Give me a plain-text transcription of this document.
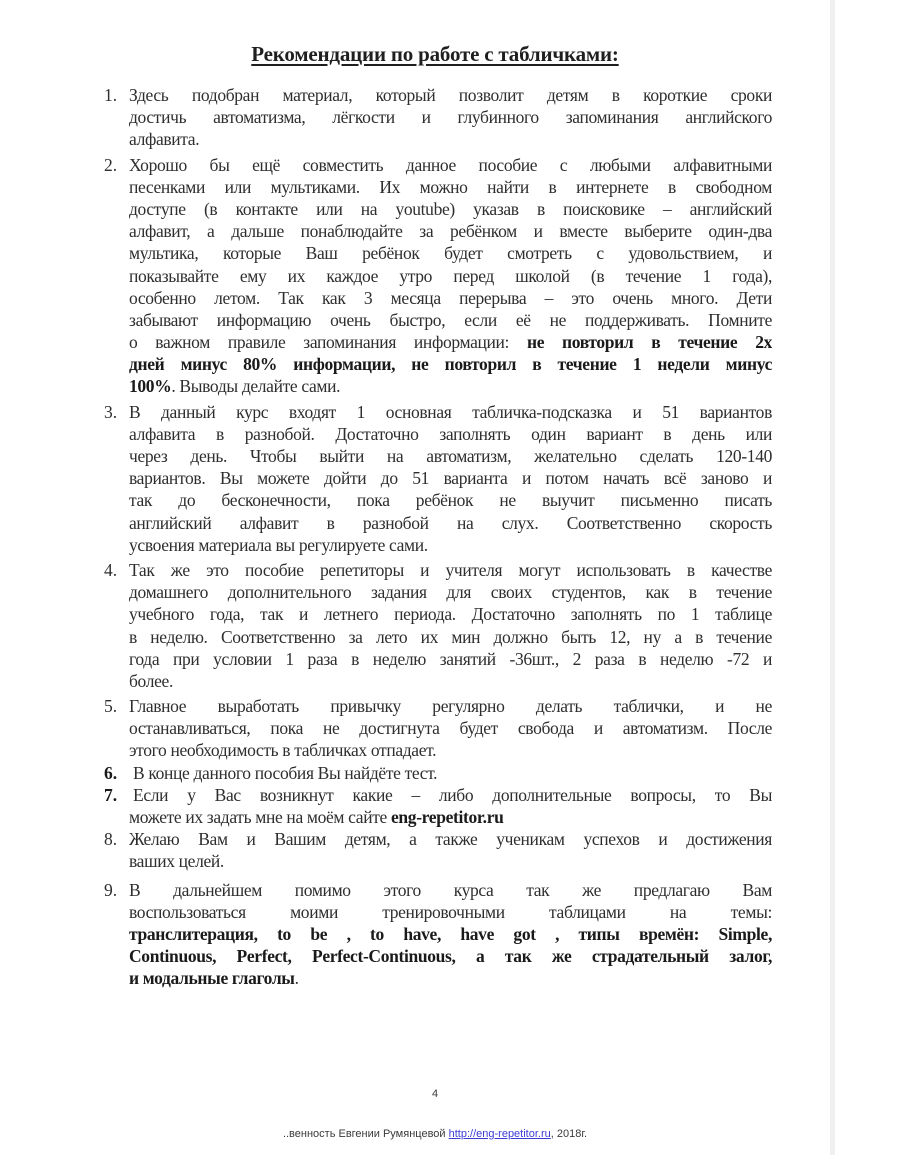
Рекомендации по работе с табличками:
1. Здесь подобран материал, который позволит детям в короткие сроки
достичь автоматизма, лёгкости и глубинного запоминания английского
алфавита.
2. Хорошо бы ещё совместить данное пособие с любыми алфавитными
песенками или мультиками. Их можно найти в интернете в свободном
доступе (в контакте или на youtube) указав в поисковике – английский
алфавит, а дальше понаблюдайте за ребёнком и вместе выберите один-два
мультика, которые Ваш ребёнок будет смотреть с удовольствием, и
показывайте ему их каждое утро перед школой (в течение 1 года),
особенно летом. Так как 3 месяца перерыва – это очень много. Дети
забывают информацию очень быстро, если её не поддерживать. Помните
о важном правиле запоминания информации: не повторил в течение 2х
дней минус 80% информации, не повторил в течение 1 недели минус
100%. Выводы делайте сами.
3. В данный курс входят 1 основная табличка-подсказка и 51 вариантов
алфавита в разнобой. Достаточно заполнять один вариант в день или
через день. Чтобы выйти на автоматизм, желательно сделать 120-140
вариантов. Вы можете дойти до 51 варианта и потом начать всё заново и
так до бесконечности, пока ребёнок не выучит письменно писать
английский алфавит в разнобой на слух. Соответственно скорость
усвоения материала вы регулируете сами.
4. Так же это пособие репетиторы и учителя могут использовать в качестве
домашнего дополнительного задания для своих студентов, как в течение
учебного года, так и летнего периода. Достаточно заполнять по 1 таблице
в неделю. Соответственно за лето их мин должно быть 12, ну а в течение
года при условии 1 раза в неделю занятий -36шт., 2 раза в неделю -72 и
более.
5. Главное выработать привычку регулярно делать таблички, и не
останавливаться, пока не достигнута будет свобода и автоматизм. После
этого необходимость в табличках отпадает.
6. В конце данного пособия Вы найдёте тест.
7. Если у Вас возникнут какие – либо дополнительные вопросы, то Вы
можете их задать мне на моём сайте eng-repetitor.ru
8. Желаю Вам и Вашим детям, а также ученикам успехов и достижения
ваших целей.
9. В дальнейшем помимо этого курса так же предлагаю Вам
воспользоваться моими тренировочными таблицами на темы:
транслитерация, to be , to have, have got , типы времён: Simple,
Continuous, Perfect, Perfect-Continuous, а так же страдательный залог,
и модальные глаголы.
4
..венность Евгении Румянцевой http://eng-repetitor.ru, 2018г.
